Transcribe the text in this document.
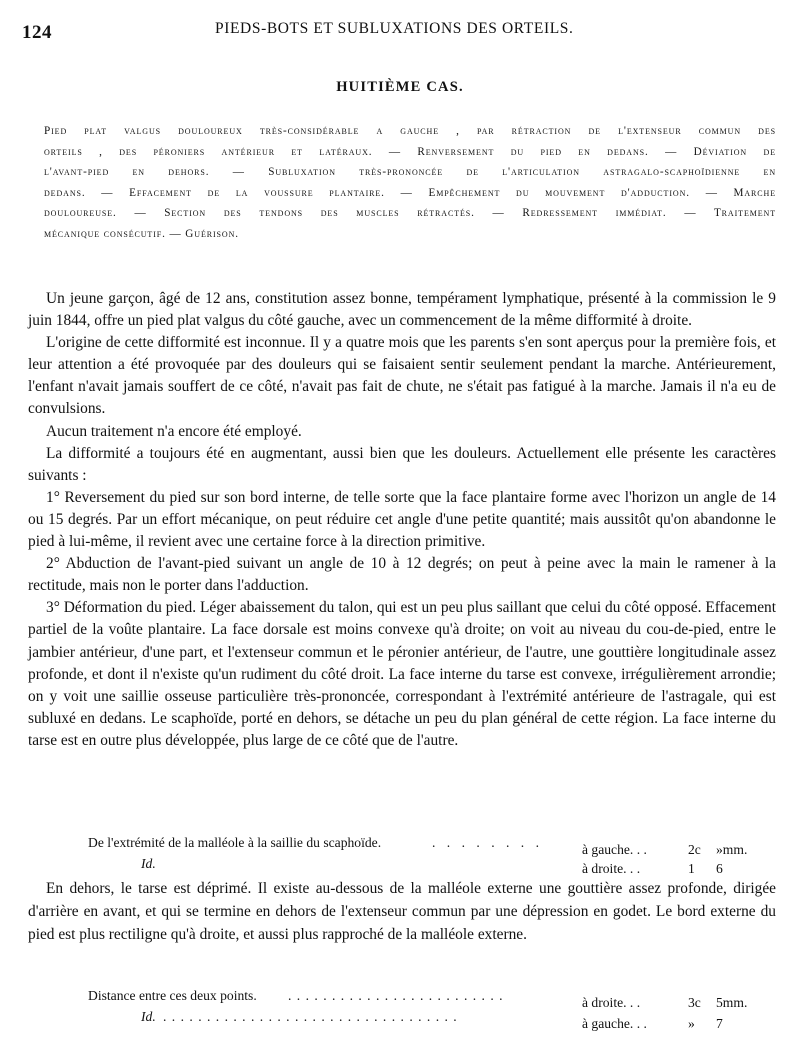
124	PIEDS-BOTS ET SUBLUXATIONS DES ORTEILS.
HUITIÈME CAS.
Pied plat valgus douloureux très-considérable a gauche , par rétraction de l'extenseur commun des
orteils , des péroniers antérieur et latéraux. — Renversement du pied en dedans. — Déviation de
l'avant-pied en dehors. — Subluxation très-prononcée de l'articulation astragalo-scaphoïdienne en
dedans. — Effacement de la voussure plantaire. — Empêchement du mouvement d'adduction. — Marche
douloureuse. — Section des tendons des muscles rétractés. — Redressement immédiat. — Traitement
mécanique consécutif. — Guérison.

Un jeune garçon, âgé de 12 ans, constitution assez bonne, tempérament lymphatique, présenté à la commission le 9 juin 1844, offre un pied plat valgus du côté gauche, avec un commencement de la même difformité à droite.

L'origine de cette difformité est inconnue. Il y a quatre mois que les parents s'en sont aperçus pour la première fois, et leur attention a été provoquée par des douleurs qui se faisaient sentir seulement pendant la marche. Antérieurement, l'enfant n'avait jamais souffert de ce côté, n'avait pas fait de chute, ne s'était pas fatigué à la marche. Jamais il n'a eu de convulsions.

Aucun traitement n'a encore été employé.

La difformité a toujours été en augmentant, aussi bien que les douleurs. Actuellement elle présente les caractères suivants :

1° Reversement du pied sur son bord interne, de telle sorte que la face plantaire forme avec l'horizon un angle de 14 ou 15 degrés. Par un effort mécanique, on peut réduire cet angle d'une petite quantité; mais aussitôt qu'on abandonne le pied à lui-même, il revient avec une certaine force à la direction primitive.

2° Abduction de l'avant-pied suivant un angle de 10 à 12 degrés; on peut à peine avec la main le ramener à la rectitude, mais non le porter dans l'adduction.

3° Déformation du pied. Léger abaissement du talon, qui est un peu plus saillant que celui du côté opposé. Effacement partiel de la voûte plantaire. La face dorsale est moins convexe qu'à droite; on voit au niveau du cou-de-pied, entre le jambier antérieur, d'une part, et l'extenseur commun et le péronier antérieur, de l'autre, une gouttière longitudinale assez profonde, et dont il n'existe qu'un rudiment du côté droit. La face interne du tarse est convexe, irrégulièrement arrondie; on y voit une saillie osseuse particulière très-prononcée, correspondant à l'extrémité antérieure de l'astragale, qui est subluxé en dedans. Le scaphoïde, porté en dehors, se détache un peu du plan général de cette région. La face interne du tarse est en outre plus développée, plus large de ce côté que de l'autre.

De l'extrémité de la malléole à la saillie du scaphoïde.	. . . . . . . .	à gauche. . .	2c »mm.
Id.	à droite. . .	1 6

En dehors, le tarse est déprimé. Il existe au-dessous de la malléole externe une gouttière assez profonde, dirigée d'arrière en avant, et qui se termine en dehors de l'extenseur commun par une dépression en godet. Le bord externe du pied est plus rectiligne qu'à droite, et aussi plus rapproché de la malléole externe.

Distance entre ces deux points. . . . . . . . . . . . . . . . . . . . . . . . . .	à droite. . .	3c 5mm.
Id. . . . . . . . . . . . . . . . . . . . . . . . . . . . . . . . . . .	à gauche. . .	» 7
